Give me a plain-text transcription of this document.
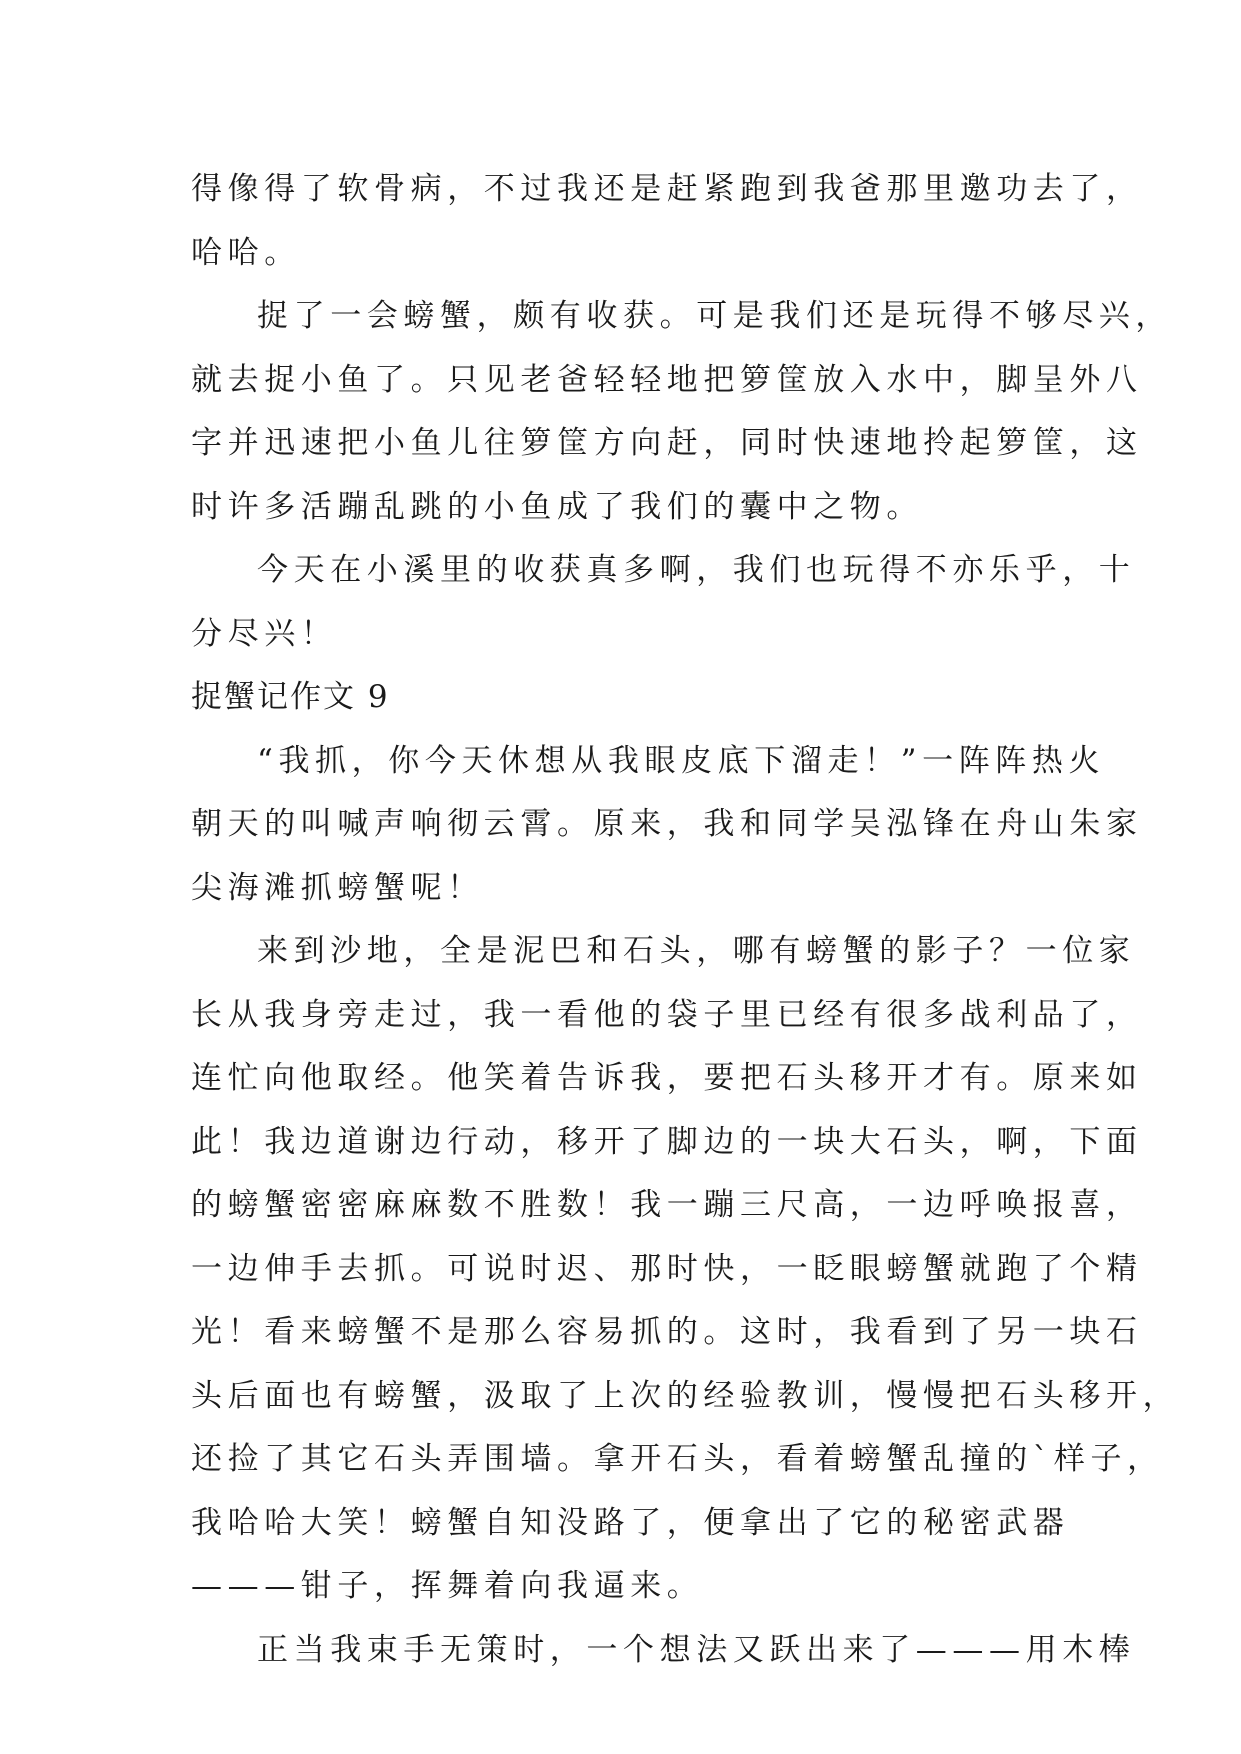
得像得了软骨病，不过我还是赶紧跑到我爸那里邀功去了，
哈哈。
捉了一会螃蟹，颇有收获。可是我们还是玩得不够尽兴，
就去捉小鱼了。只见老爸轻轻地把箩筐放入水中，脚呈外八
字并迅速把小鱼儿往箩筐方向赶，同时快速地拎起箩筐，这
时许多活蹦乱跳的小鱼成了我们的囊中之物。
今天在小溪里的收获真多啊，我们也玩得不亦乐乎，十
分尽兴！
捉蟹记作文 9
“我抓，你今天休想从我眼皮底下溜走！”一阵阵热火
朝天的叫喊声响彻云霄。原来，我和同学吴泓锋在舟山朱家
尖海滩抓螃蟹呢！
来到沙地，全是泥巴和石头，哪有螃蟹的影子？一位家
长从我身旁走过，我一看他的袋子里已经有很多战利品了，
连忙向他取经。他笑着告诉我，要把石头移开才有。原来如
此！我边道谢边行动，移开了脚边的一块大石头，啊，下面
的螃蟹密密麻麻数不胜数！我一蹦三尺高，一边呼唤报喜，
一边伸手去抓。可说时迟、那时快，一眨眼螃蟹就跑了个精
光！看来螃蟹不是那么容易抓的。这时，我看到了另一块石
头后面也有螃蟹，汲取了上次的经验教训，慢慢把石头移开，
还捡了其它石头弄围墙。拿开石头，看着螃蟹乱撞的`样子，
我哈哈大笑！螃蟹自知没路了，便拿出了它的秘密武器
———钳子，挥舞着向我逼来。
正当我束手无策时，一个想法又跃出来了———用木棒
